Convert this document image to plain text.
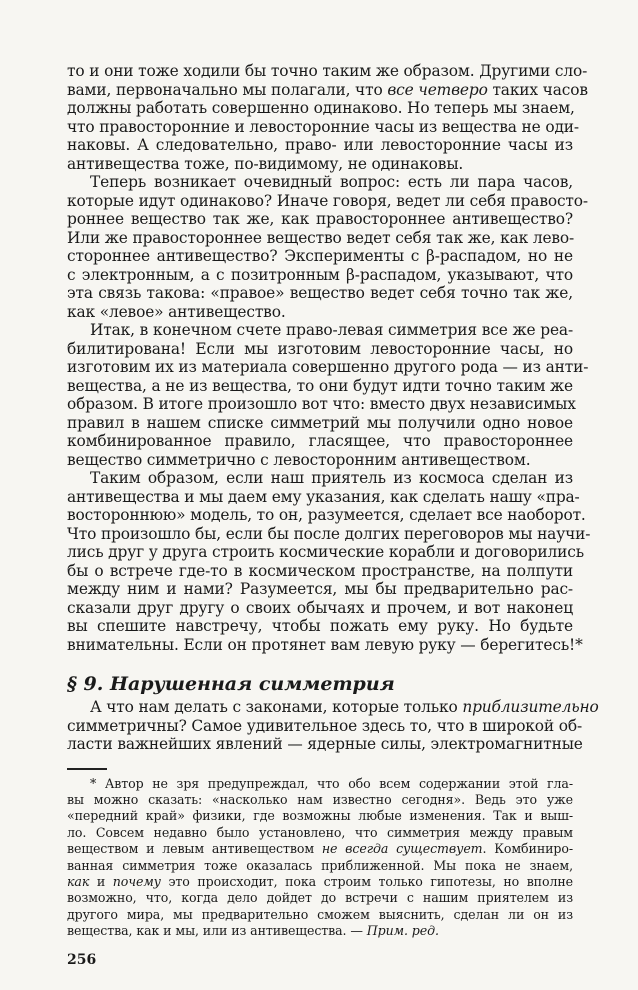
то и они тоже ходили бы точно таким же образом. Другими сло-
вами, первоначально мы полагали, что все четверо таких часов
должны работать совершенно одинаково. Но теперь мы знаем,
что правосторонние и левосторонние часы из вещества не оди-
наковы. А следовательно, право- или левосторонние часы из
антивещества тоже, по-видимому, не одинаковы.
Теперь возникает очевидный вопрос: есть ли пара часов,
которые идут одинаково? Иначе говоря, ведет ли себя правосто-
роннее вещество так же, как правостороннее антивещество?
Или же правостороннее вещество ведет себя так же, как лево-
стороннее антивещество? Эксперименты с β-распадом, но не
с электронным, а с позитронным β-распадом, указывают, что
эта связь такова: «правое» вещество ведет себя точно так же,
как «левое» антивещество.
Итак, в конечном счете право-левая симметрия все же реа-
билитирована! Если мы изготовим левосторонние часы, но
изготовим их из материала совершенно другого рода — из анти-
вещества, а не из вещества, то они будут идти точно таким же
образом. В итоге произошло вот что: вместо двух независимых
правил в нашем списке симметрий мы получили одно новое
комбинированное правило, гласящее, что правостороннее
вещество симметрично с левосторонним антивеществом.
Таким образом, если наш приятель из космоса сделан из
антивещества и мы даем ему указания, как сделать нашу «пра-
востороннюю» модель, то он, разумеется, сделает все наоборот.
Что произошло бы, если бы после долгих переговоров мы научи-
лись друг у друга строить космические корабли и договорились
бы о встрече где-то в космическом пространстве, на полпути
между ним и нами? Разумеется, мы бы предварительно рас-
сказали друг другу о своих обычаях и прочем, и вот наконец
вы спешите навстречу, чтобы пожать ему руку. Но будьте
внимательны. Если он протянет вам левую руку — берегитесь!*
§ 9. Нарушенная симметрия
А что нам делать с законами, которые только приблизительно
симметричны? Самое удивительное здесь то, что в широкой об-
ласти важнейших явлений — ядерные силы, электромагнитные
* Автор не зря предупреждал, что обо всем содержании этой гла-
вы можно сказать: «насколько нам известно сегодня». Ведь это уже
«передний край» физики, где возможны любые изменения. Так и выш-
ло. Совсем недавно было установлено, что симметрия между правым
веществом и левым антивеществом не всегда существует. Комбиниро-
ванная симметрия тоже оказалась приближенной. Мы пока не знаем,
как и почему это происходит, пока строим только гипотезы, но вполне
возможно, что, когда дело дойдет до встречи с нашим приятелем из
другого мира, мы предварительно сможем выяснить, сделан ли он из
вещества, как и мы, или из антивещества. — Прим. ред.
256
